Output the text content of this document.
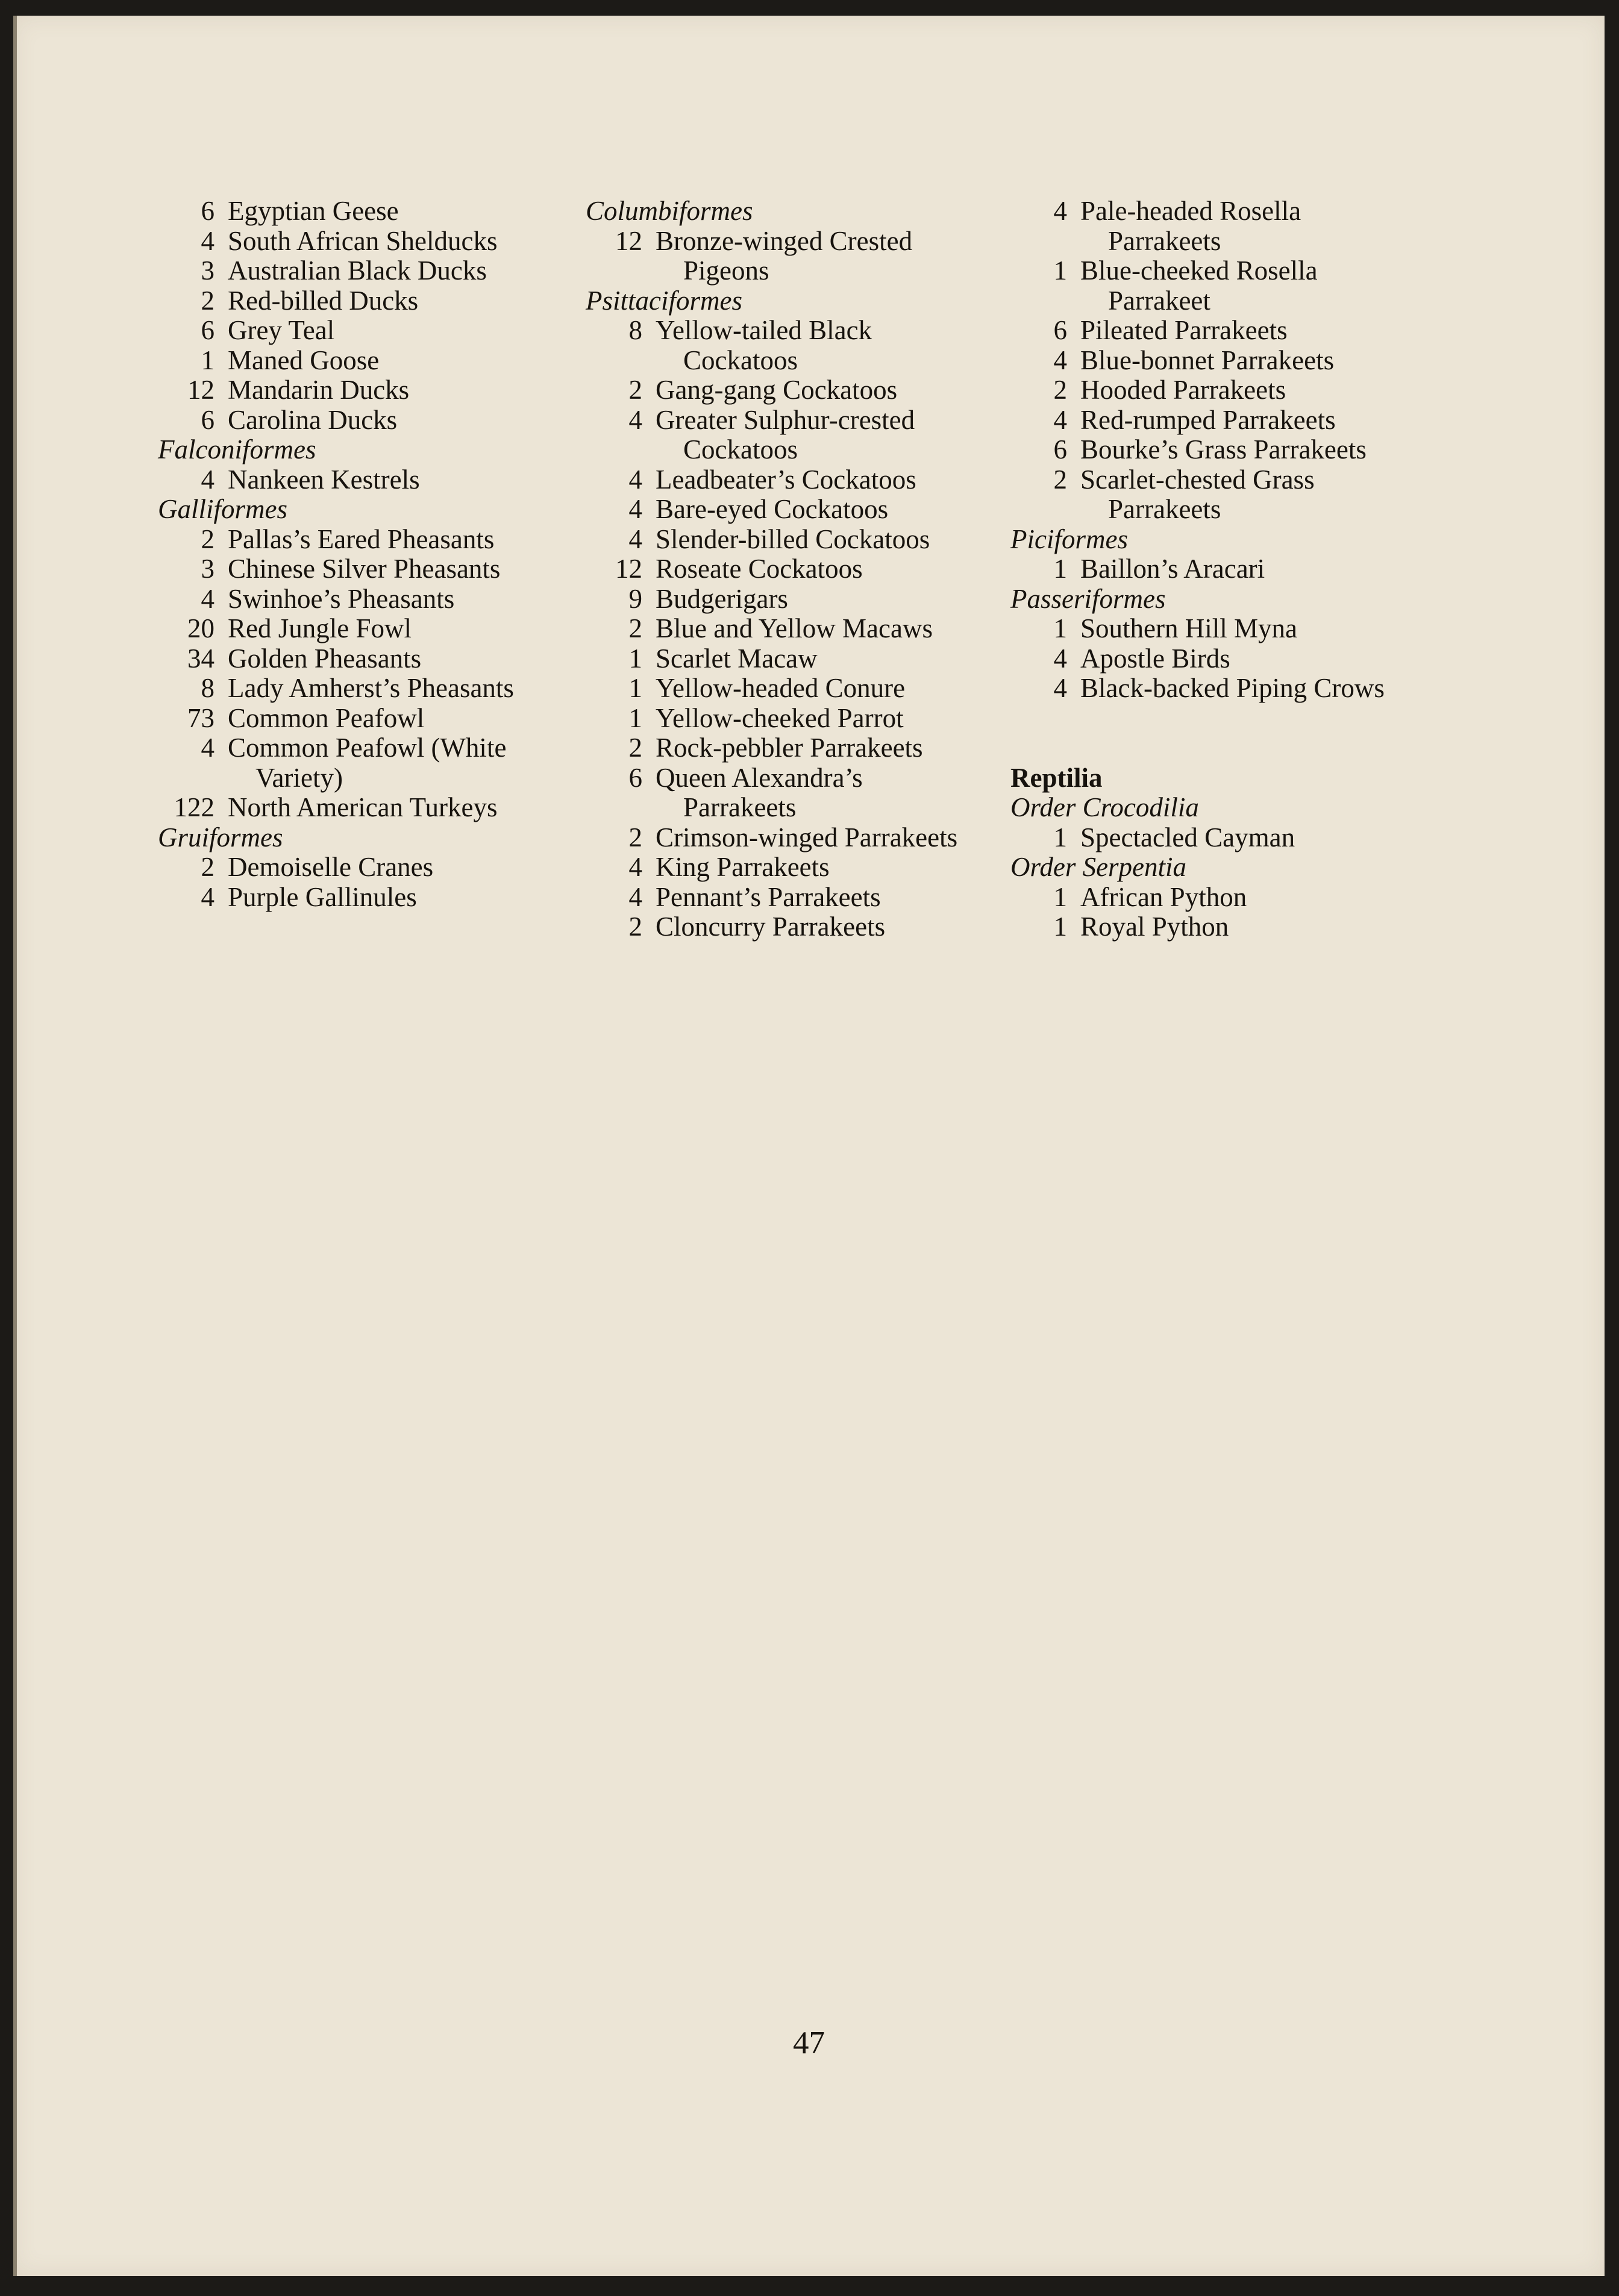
6 Egyptian Geese
4 South African Shelducks
3 Australian Black Ducks
2 Red-billed Ducks
6 Grey Teal
1 Maned Goose
12 Mandarin Ducks
6 Carolina Ducks
Falconiformes
4 Nankeen Kestrels
Galliformes
2 Pallas’s Eared Pheasants
3 Chinese Silver Pheasants
4 Swinhoe’s Pheasants
20 Red Jungle Fowl
34 Golden Pheasants
8 Lady Amherst’s Pheasants
73 Common Peafowl
4 Common Peafowl (White
Variety)
122 North American Turkeys
Gruiformes
2 Demoiselle Cranes
4 Purple Gallinules
Columbiformes
12 Bronze-winged Crested
Pigeons
Psittaciformes
8 Yellow-tailed Black
Cockatoos
2 Gang-gang Cockatoos
4 Greater Sulphur-crested
Cockatoos
4 Leadbeater’s Cockatoos
4 Bare-eyed Cockatoos
4 Slender-billed Cockatoos
12 Roseate Cockatoos
9 Budgerigars
2 Blue and Yellow Macaws
1 Scarlet Macaw
1 Yellow-headed Conure
1 Yellow-cheeked Parrot
2 Rock-pebbler Parrakeets
6 Queen Alexandra’s
Parrakeets
2 Crimson-winged Parrakeets
4 King Parrakeets
4 Pennant’s Parrakeets
2 Cloncurry Parrakeets
4 Pale-headed Rosella
Parrakeets
1 Blue-cheeked Rosella
Parrakeet
6 Pileated Parrakeets
4 Blue-bonnet Parrakeets
2 Hooded Parrakeets
4 Red-rumped Parrakeets
6 Bourke’s Grass Parrakeets
2 Scarlet-chested Grass
Parrakeets
Piciformes
1 Baillon’s Aracari
Passeriformes
1 Southern Hill Myna
4 Apostle Birds
4 Black-backed Piping Crows
Reptilia
Order Crocodilia
1 Spectacled Cayman
Order Serpentia
1 African Python
1 Royal Python
47
